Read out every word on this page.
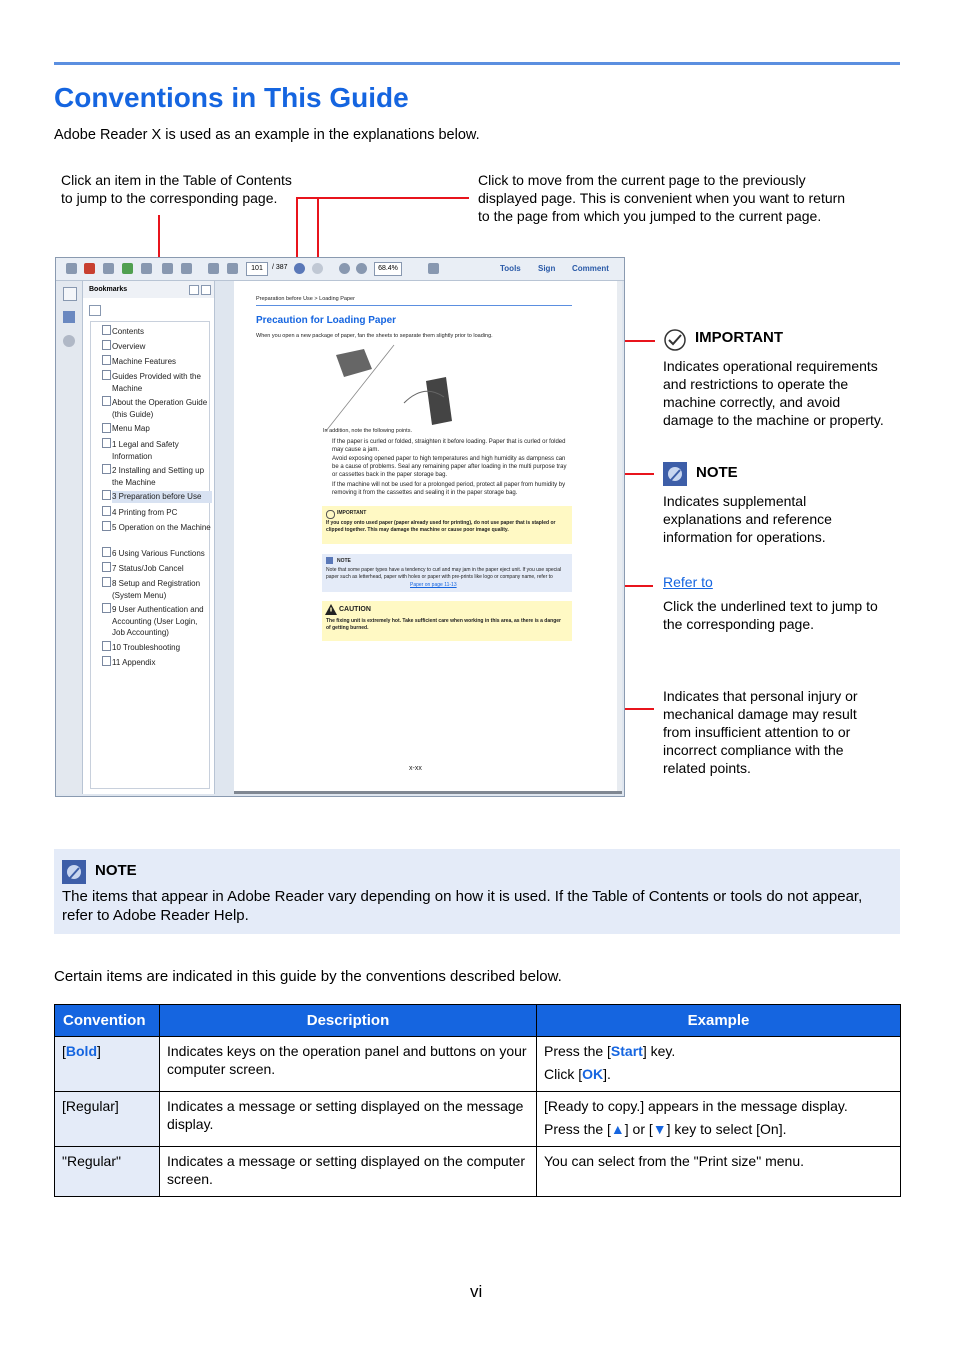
Conventions in This Guide
Adobe Reader X is used as an example in the explanations below.
Click an item in the Table of Contents
to jump to the corresponding page.
Click to move from the current page to the previously
displayed page. This is convenient when you want to return
to the page from which you jumped to the current page.
101	/ 387	68.4%	Tools Sign Comment
Bookmarks
Contents
Overview
Machine Features
Guides Provided with the Machine
About the Operation Guide (this Guide)
Menu Map
1 Legal and Safety Information
2 Installing and Setting up the Machine
3 Preparation before Use
4 Printing from PC
5 Operation on the Machine
6 Using Various Functions
7 Status/Job Cancel
8 Setup and Registration (System Menu)
9 User Authentication and Accounting (User Login, Job Accounting)
10 Troubleshooting
11 Appendix
Preparation before Use > Loading Paper
Precaution for Loading Paper
When you open a new package of paper, fan the sheets to separate them slightly prior to loading.
In addition, note the following points.
If the paper is curled or folded, straighten it before loading. Paper that is curled or folded may cause a jam.
Avoid exposing opened paper to high temperatures and high humidity as dampness can be a cause of problems. Seal any remaining paper after loading in the multi purpose tray or cassettes back in the paper storage bag.
If the machine will not be used for a prolonged period, protect all paper from humidity by removing it from the cassettes and sealing it in the paper storage bag.
IMPORTANT
If you copy onto used paper (paper already used for printing), do not use paper that is stapled or clipped together. This may damage the machine or cause poor image quality.
NOTE
Note that some paper types have a tendency to curl and may jam in the paper eject unit. If you use special paper such as letterhead, paper with holes or paper with pre-prints like logo or company name, refer to
Paper on page 11-13
CAUTION
The fixing unit is extremely hot. Take sufficient care when working in this area, as there is a danger of getting burned.
x-xx
IMPORTANT
Indicates operational requirements
and restrictions to operate the
machine correctly, and avoid
damage to the machine or property.
NOTE
Indicates supplemental
explanations and reference
information for operations.
Refer to
Click the underlined text to jump to
the corresponding page.
Indicates that personal injury or
mechanical damage may result
from insufficient attention to or
incorrect compliance with the
related points.
NOTE
The items that appear in Adobe Reader vary depending on how it is used. If the Table of Contents or tools do not appear, refer to Adobe Reader Help.
Certain items are indicated in this guide by the conventions described below.
Convention	Description	Example
[Bold]	Indicates keys on the operation panel and buttons on your computer screen.	Press the [Start] key.
Click [OK].

[Regular]	Indicates a message or setting displayed on the message display.	[Ready to copy.] appears in the message display.
Press the [▲] or [▼] key to select [On].

"Regular"	Indicates a message or setting displayed on the computer screen.	You can select from the "Print size" menu.
vi
